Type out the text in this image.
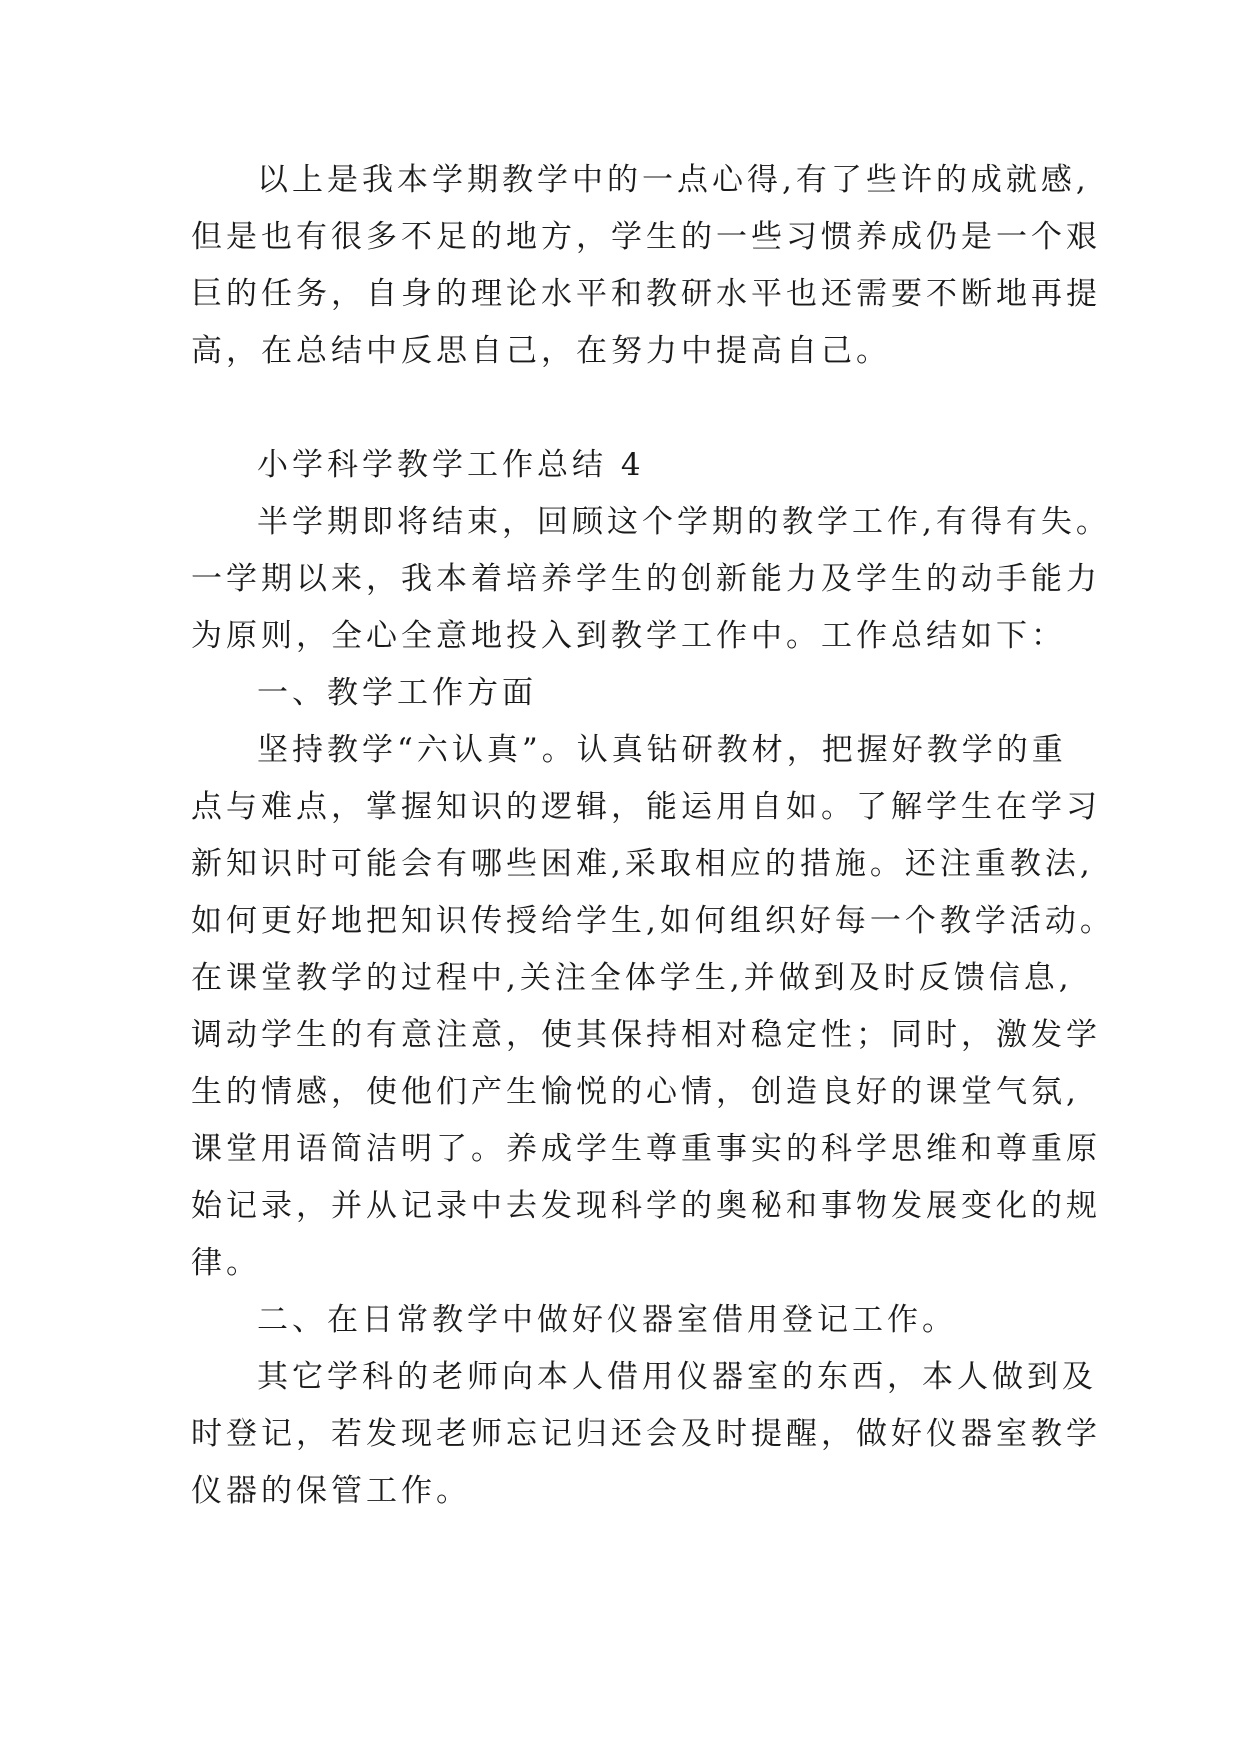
以上是我本学期教学中的一点心得,有了些许的成就感,
但是也有很多不足的地方，学生的一些习惯养成仍是一个艰
巨的任务，自身的理论水平和教研水平也还需要不断地再提
高，在总结中反思自己，在努力中提高自己。
小学科学教学工作总结 4
半学期即将结束，回顾这个学期的教学工作,有得有失。
一学期以来，我本着培养学生的创新能力及学生的动手能力
为原则，全心全意地投入到教学工作中。工作总结如下：
一、教学工作方面
坚持教学“六认真”。认真钻研教材，把握好教学的重
点与难点，掌握知识的逻辑，能运用自如。了解学生在学习
新知识时可能会有哪些困难,采取相应的措施。还注重教法,
如何更好地把知识传授给学生,如何组织好每一个教学活动。
在课堂教学的过程中,关注全体学生,并做到及时反馈信息,
调动学生的有意注意，使其保持相对稳定性；同时，激发学
生的情感，使他们产生愉悦的心情，创造良好的课堂气氛,
课堂用语简洁明了。养成学生尊重事实的科学思维和尊重原
始记录，并从记录中去发现科学的奥秘和事物发展变化的规
律。
二、在日常教学中做好仪器室借用登记工作。
其它学科的老师向本人借用仪器室的东西，本人做到及
时登记，若发现老师忘记归还会及时提醒，做好仪器室教学
仪器的保管工作。
